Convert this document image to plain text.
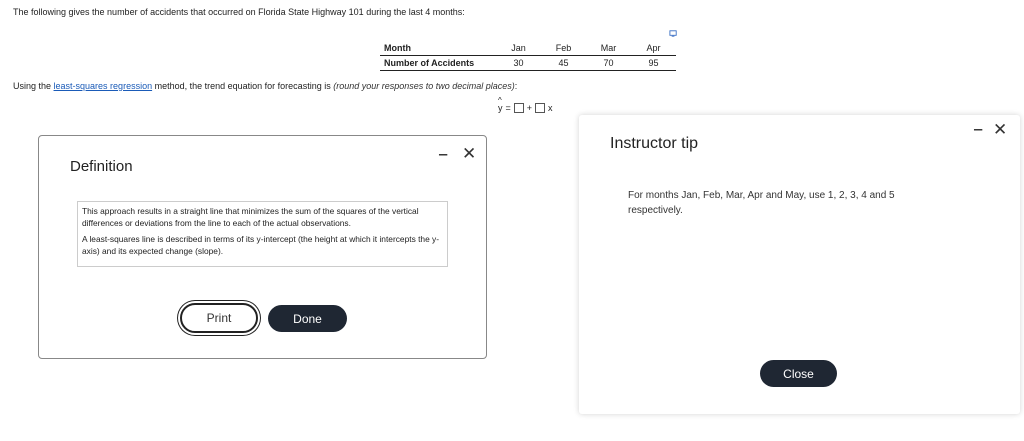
The following gives the number of accidents that occurred on Florida State Highway 101 during the last 4 months:
Month	Jan	Feb	Mar	Apr
Number of Accidents	30	45	70	95
Using the least-squares regression method, the trend equation for forecasting is (round your responses to two decimal places):
^
y = + x
Definition
‒ ✕

This approach results in a straight line that minimizes the sum of the squares of the vertical differences or deviations from the line to each of the actual observations.

A least-squares line is described in terms of its y-intercept (the height at which it intercepts the y-axis) and its expected change (slope).

Print	Done
Instructor tip
‒ ✕
For months Jan, Feb, Mar, Apr and May, use 1, 2, 3, 4 and 5 respectively.
Close
